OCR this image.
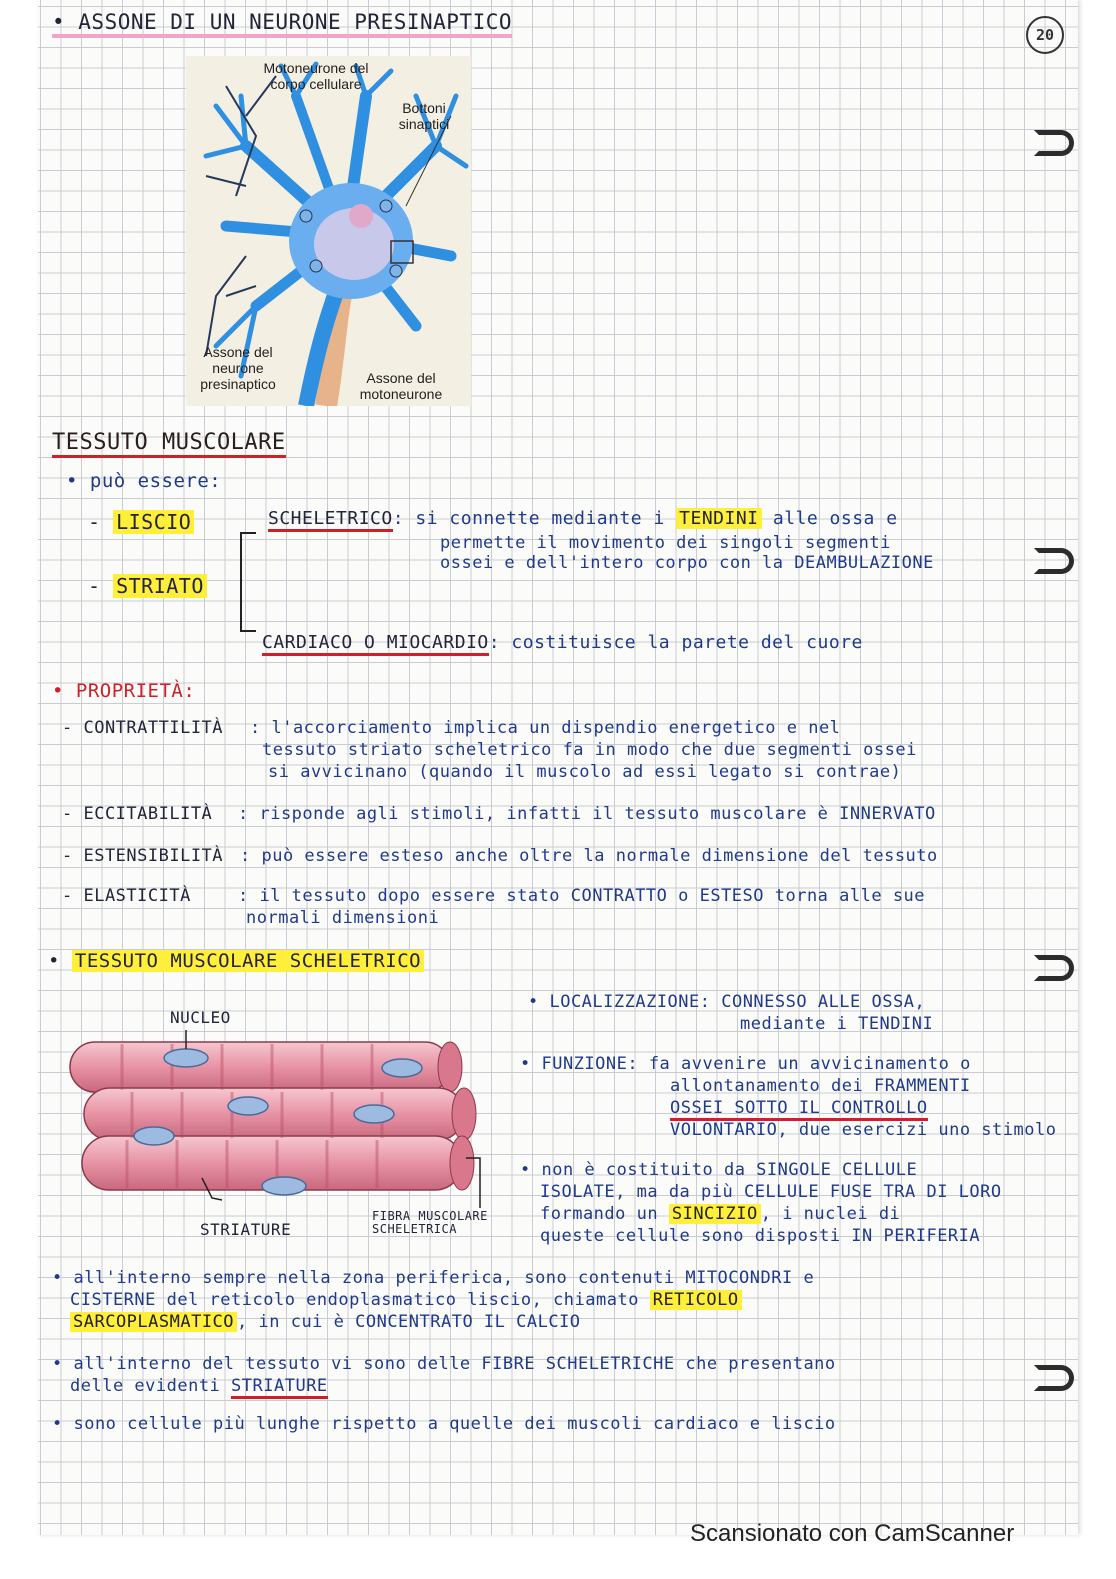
20
• ASSONE DI UN NEURONE PRESINAPTICO
Motoneurone del corpo cellulare
Bottoni sinaptici
Assone del neurone presinaptico	Assone del motoneurone
TESSUTO MUSCOLARE
• può essere:
- LISCIO
- STRIATO
SCHELETRICO: si connette mediante i TENDINI alle ossa e
permette il movimento dei singoli segmenti
ossei e dell'intero corpo con la DEAMBULAZIONE
CARDIACO O MIOCARDIO: costituisce la parete del cuore
• PROPRIETÀ:
- CONTRATTILITÀ : l'accorciamento implica un dispendio energetico e nel
tessuto striato scheletrico fa in modo che due segmenti ossei
si avvicinano (quando il muscolo ad essi legato si contrae)
- ECCITABILITÀ : risponde agli stimoli, infatti il tessuto muscolare è INNERVATO
- ESTENSIBILITÀ : può essere esteso anche oltre la normale dimensione del tessuto
- ELASTICITÀ	: il tessuto dopo essere stato CONTRATTO o ESTESO torna alle sue
normali dimensioni
• TESSUTO MUSCOLARE SCHELETRICO
NUCLEO
STRIATURE
FIBRA MUSCOLARE SCHELETRICA
• LOCALIZZAZIONE: CONNESSO ALLE OSSA,
mediante i TENDINI
• FUNZIONE: fa avvenire un avvicinamento o
allontanamento dei FRAMMENTI
OSSEI SOTTO IL CONTROLLO
VOLONTARIO, due esercizi uno stimolo
• non è costituito da SINGOLE CELLULE
ISOLATE, ma da più CELLULE FUSE TRA DI LORO
formando un SINCIZIO , i nuclei di
queste cellule sono disposti IN PERIFERIA
• all'interno sempre nella zona periferica, sono contenuti MITOCONDRI e
CISTERNE del reticolo endoplasmatico liscio, chiamato RETICOLO
SARCOPLASMATICO , in cui è CONCENTRATO IL CALCIO
• all'interno del tessuto vi sono delle FIBRE SCHELETRICHE che presentano
delle evidenti STRIATURE
• sono cellule più lunghe rispetto a quelle dei muscoli cardiaco e liscio
Scansionato con CamScanner
